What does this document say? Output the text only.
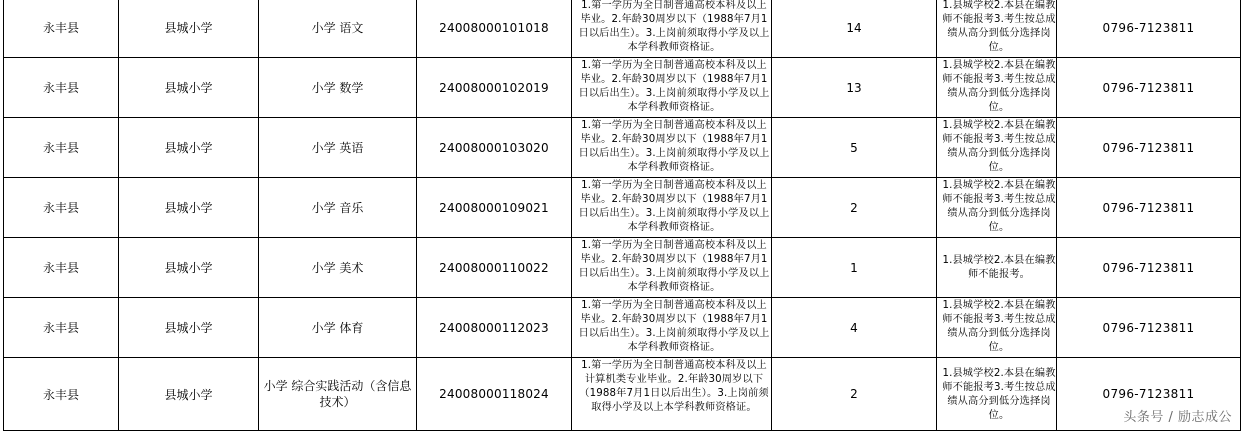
永丰县	县城小学	小学 语文	24008000101018	1.第一学历为全日制普通高校本科及以上毕业。2.年龄30周岁以下（1988年7月1日以后出生）。3.上岗前须取得小学及以上本学科教师资格证。	14	1.县城学校2.本县在编教师不能报考3.考生按总成绩从高分到低分选择岗位。	0796-7123811
永丰县	县城小学	小学 数学	24008000102019	1.第一学历为全日制普通高校本科及以上毕业。2.年龄30周岁以下（1988年7月1日以后出生）。3.上岗前须取得小学及以上本学科教师资格证。	13	1.县城学校2.本县在编教师不能报考3.考生按总成绩从高分到低分选择岗位。	0796-7123811
永丰县	县城小学	小学 英语	24008000103020	1.第一学历为全日制普通高校本科及以上毕业。2.年龄30周岁以下（1988年7月1日以后出生）。3.上岗前须取得小学及以上本学科教师资格证。	5	1.县城学校2.本县在编教师不能报考3.考生按总成绩从高分到低分选择岗位。	0796-7123811
永丰县	县城小学	小学 音乐	24008000109021	1.第一学历为全日制普通高校本科及以上毕业。2.年龄30周岁以下（1988年7月1日以后出生）。3.上岗前须取得小学及以上本学科教师资格证。	2	1.县城学校2.本县在编教师不能报考3.考生按总成绩从高分到低分选择岗位。	0796-7123811
永丰县	县城小学	小学 美术	24008000110022	1.第一学历为全日制普通高校本科及以上毕业。2.年龄30周岁以下（1988年7月1日以后出生）。3.上岗前须取得小学及以上本学科教师资格证。	1	1.县城学校2.本县在编教师不能报考。	0796-7123811
永丰县	县城小学	小学 体育	24008000112023	1.第一学历为全日制普通高校本科及以上毕业。2.年龄30周岁以下（1988年7月1日以后出生）。3.上岗前须取得小学及以上本学科教师资格证。	4	1.县城学校2.本县在编教师不能报考3.考生按总成绩从高分到低分选择岗位。	0796-7123811
永丰县	县城小学	小学 综合实践活动（含信息技术）	24008000118024	1.第一学历为全日制普通高校本科及以上计算机类专业毕业。2.年龄30周岁以下（1988年7月1日以后出生）。3.上岗前须取得小学及以上本学科教师资格证。	2	1.县城学校2.本县在编教师不能报考3.考生按总成绩从高分到低分选择岗位。	0796-7123811
头条号 / 励志成公
